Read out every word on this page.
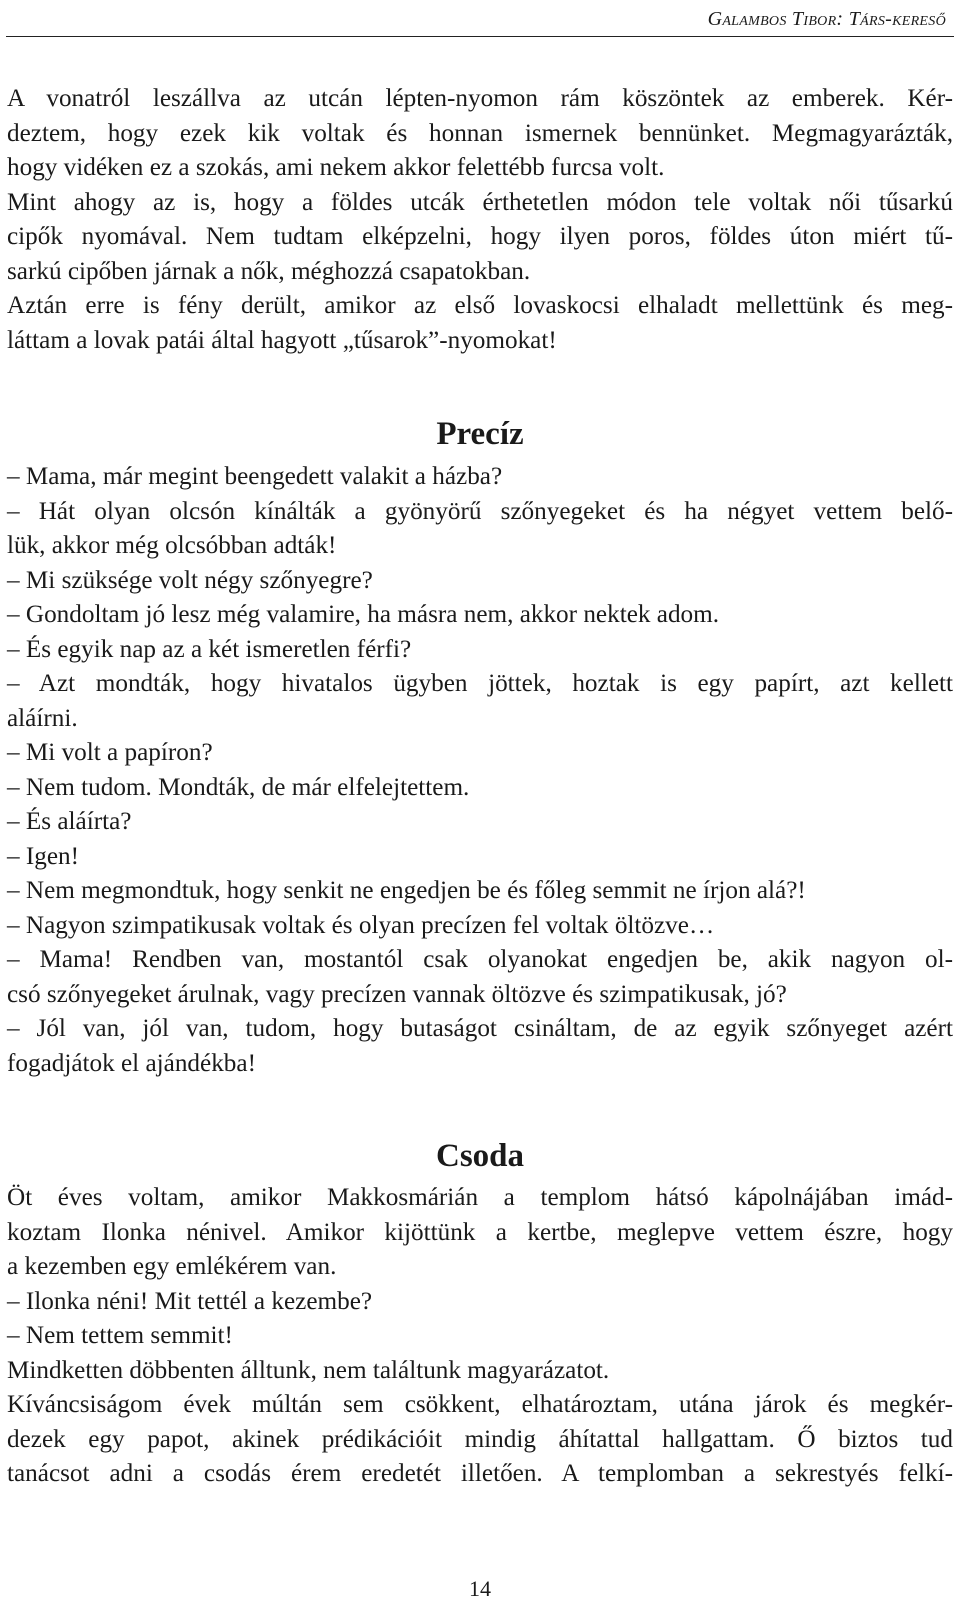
Galambos Tibor: Társ-kereső
A vonatról leszállva az utcán lépten-nyomon rám köszöntek az emberek. Kér-
deztem, hogy ezek kik voltak és honnan ismernek bennünket. Megmagyarázták,
hogy vidéken ez a szokás, ami nekem akkor felettébb furcsa volt.
Mint ahogy az is, hogy a földes utcák érthetetlen módon tele voltak női tűsarkú
cipők nyomával. Nem tudtam elképzelni, hogy ilyen poros, földes úton miért tű-
sarkú cipőben járnak a nők, méghozzá csapatokban.
Aztán erre is fény derült, amikor az első lovaskocsi elhaladt mellettünk és meg-
láttam a lovak patái által hagyott „tűsarok”-nyomokat!
Precíz
– Mama, már megint beengedett valakit a házba?
– Hát olyan olcsón kínálták a gyönyörű szőnyegeket és ha négyet vettem belő-
lük, akkor még olcsóbban adták!
– Mi szüksége volt négy szőnyegre?
– Gondoltam jó lesz még valamire, ha másra nem, akkor nektek adom.
– És egyik nap az a két ismeretlen férfi?
– Azt mondták, hogy hivatalos ügyben jöttek, hoztak is egy papírt, azt kellett
aláírni.
– Mi volt a papíron?
– Nem tudom. Mondták, de már elfelejtettem.
– És aláírta?
– Igen!
– Nem megmondtuk, hogy senkit ne engedjen be és főleg semmit ne írjon alá?!
– Nagyon szimpatikusak voltak és olyan precízen fel voltak öltözve…
– Mama! Rendben van, mostantól csak olyanokat engedjen be, akik nagyon ol-
csó szőnyegeket árulnak, vagy precízen vannak öltözve és szimpatikusak, jó?
– Jól van, jól van, tudom, hogy butaságot csináltam, de az egyik szőnyeget azért
fogadjátok el ajándékba!
Csoda
Öt éves voltam, amikor Makkosmárián a templom hátsó kápolnájában imád-
koztam Ilonka nénivel. Amikor kijöttünk a kertbe, meglepve vettem észre, hogy
a kezemben egy emlékérem van.
– Ilonka néni! Mit tettél a kezembe?
– Nem tettem semmit!
Mindketten döbbenten álltunk, nem találtunk magyarázatot.
Kíváncsiságom évek múltán sem csökkent, elhatároztam, utána járok és megkér-
dezek egy papot, akinek prédikációit mindig áhítattal hallgattam. Ő biztos tud
tanácsot adni a csodás érem eredetét illetően. A templomban a sekrestyés felkí-
14
